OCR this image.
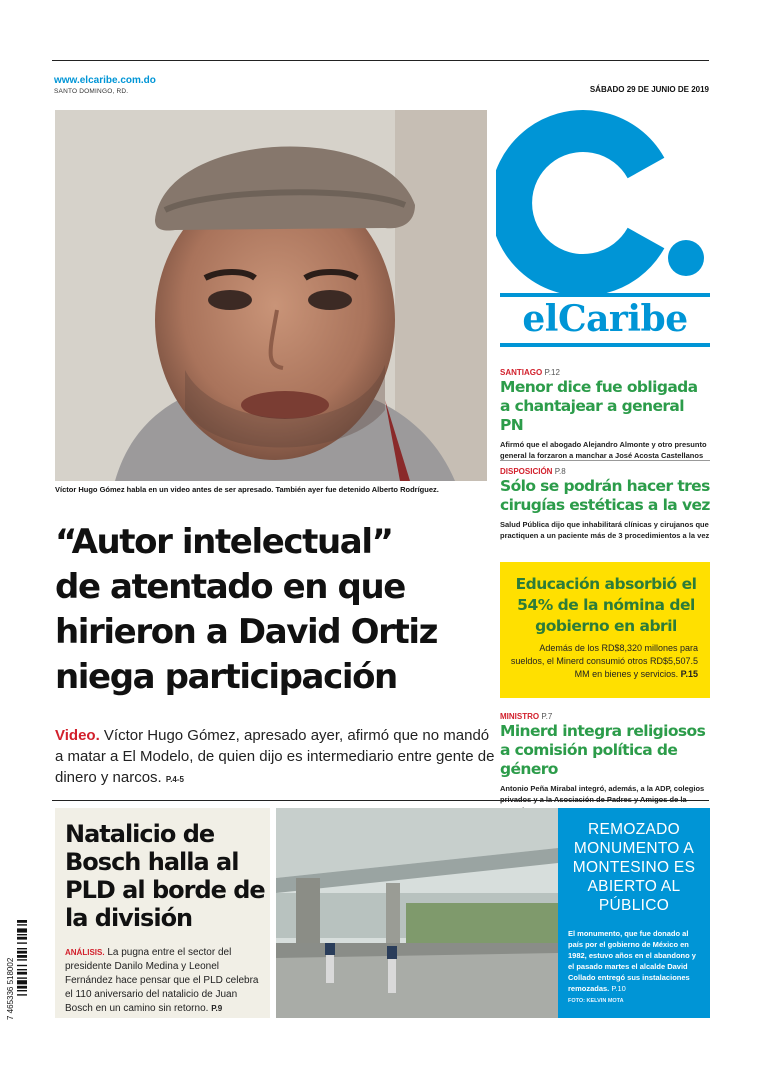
www.elcaribe.com.do
SANTO DOMINGO, RD.	SÁBADO 29 DE JUNIO DE 2019
Víctor Hugo Gómez habla en un video antes de ser apresado. También ayer fue detenido Alberto Rodríguez.
“Autor intelectual”
de atentado en que
hirieron a David Ortiz
niega participación
Video. Víctor Hugo Gómez, apresado ayer, afirmó que no mandó a matar a El Modelo, de quien dijo es intermediario entre gente de dinero y narcos. P.4-5
elCaribe
SANTIAGO P.12
Menor dice fue obligada a chantajear a general PN
Afirmó que el abogado Alejandro Almonte y otro presunto general la forzaron a manchar a José Acosta Castellanos
DISPOSICIÓN P.8
Sólo se podrán hacer tres cirugías estéticas a la vez
Salud Pública dijo que inhabilitará clínicas y cirujanos que practiquen a un paciente más de 3 procedimientos a la vez
Educación absorbió el 54% de la nómina del gobierno en abril
Además de los RD$8,320 millones para sueldos, el Minerd consumió otros RD$5,507.5 MM en bienes y servicios. P.15
MINISTRO P.7
Minerd integra religiosos a comisión política de género
Antonio Peña Mirabal integró, además, a la ADP, colegios
Natalicio de Bosch halla al PLD al borde de la división
ANÁLISIS. La pugna entre el sector del presidente Danilo Medina y Leonel Fernández hace pensar que el PLD celebra el 110 aniversario del natalicio de Juan Bosch en un camino sin retorno. P.9
REMOZADO MONUMENTO A MONTESINO ES ABIERTO AL PÚBLICO
El monumento, que fue donado al país por el gobierno de México en 1982, estuvo años en el abandono y el pasado martes el alcalde David Collado entregó sus instalaciones remozadas. P.10
FOTO: KELVIN MOTA
7 465336 518002
